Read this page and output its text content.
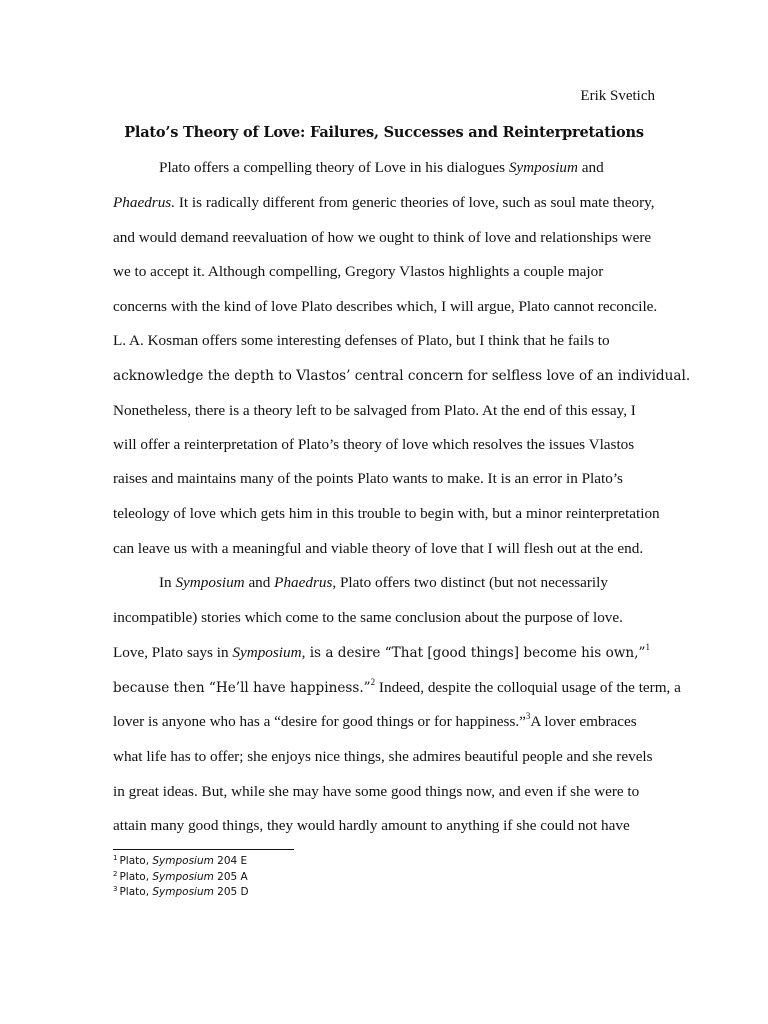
Erik Svetich
Plato’s Theory of Love: Failures, Successes and Reinterpretations
Plato offers a compelling theory of Love in his dialogues Symposium and
Phaedrus. It is radically different from generic theories of love, such as soul mate theory,
and would demand reevaluation of how we ought to think of love and relationships were
we to accept it. Although compelling, Gregory Vlastos highlights a couple major
concerns with the kind of love Plato describes which, I will argue, Plato cannot reconcile.
L. A. Kosman offers some interesting defenses of Plato, but I think that he fails to
acknowledge the depth to Vlastos’ central concern for selfless love of an individual.
Nonetheless, there is a theory left to be salvaged from Plato. At the end of this essay, I
will offer a reinterpretation of Plato’s theory of love which resolves the issues Vlastos
raises and maintains many of the points Plato wants to make. It is an error in Plato’s
teleology of love which gets him in this trouble to begin with, but a minor reinterpretation
can leave us with a meaningful and viable theory of love that I will flesh out at the end.
In Symposium and Phaedrus, Plato offers two distinct (but not necessarily
incompatible) stories which come to the same conclusion about the purpose of love.
Love, Plato says in Symposium, is a desire “That [good things] become his own,”$^1$
because then “He’ll have happiness.”$^2$ Indeed, despite the colloquial usage of the term, a
lover is anyone who has a “desire for good things or for happiness.”$^3$A lover embraces
what life has to offer; she enjoys nice things, she admires beautiful people and she revels
in great ideas. But, while she may have some good things now, and even if she were to
attain many good things, they would hardly amount to anything if she could not have
$^1$ Plato, Symposium 204 E
$^2$ Plato, Symposium 205 A
$^3$ Plato, Symposium 205 D
